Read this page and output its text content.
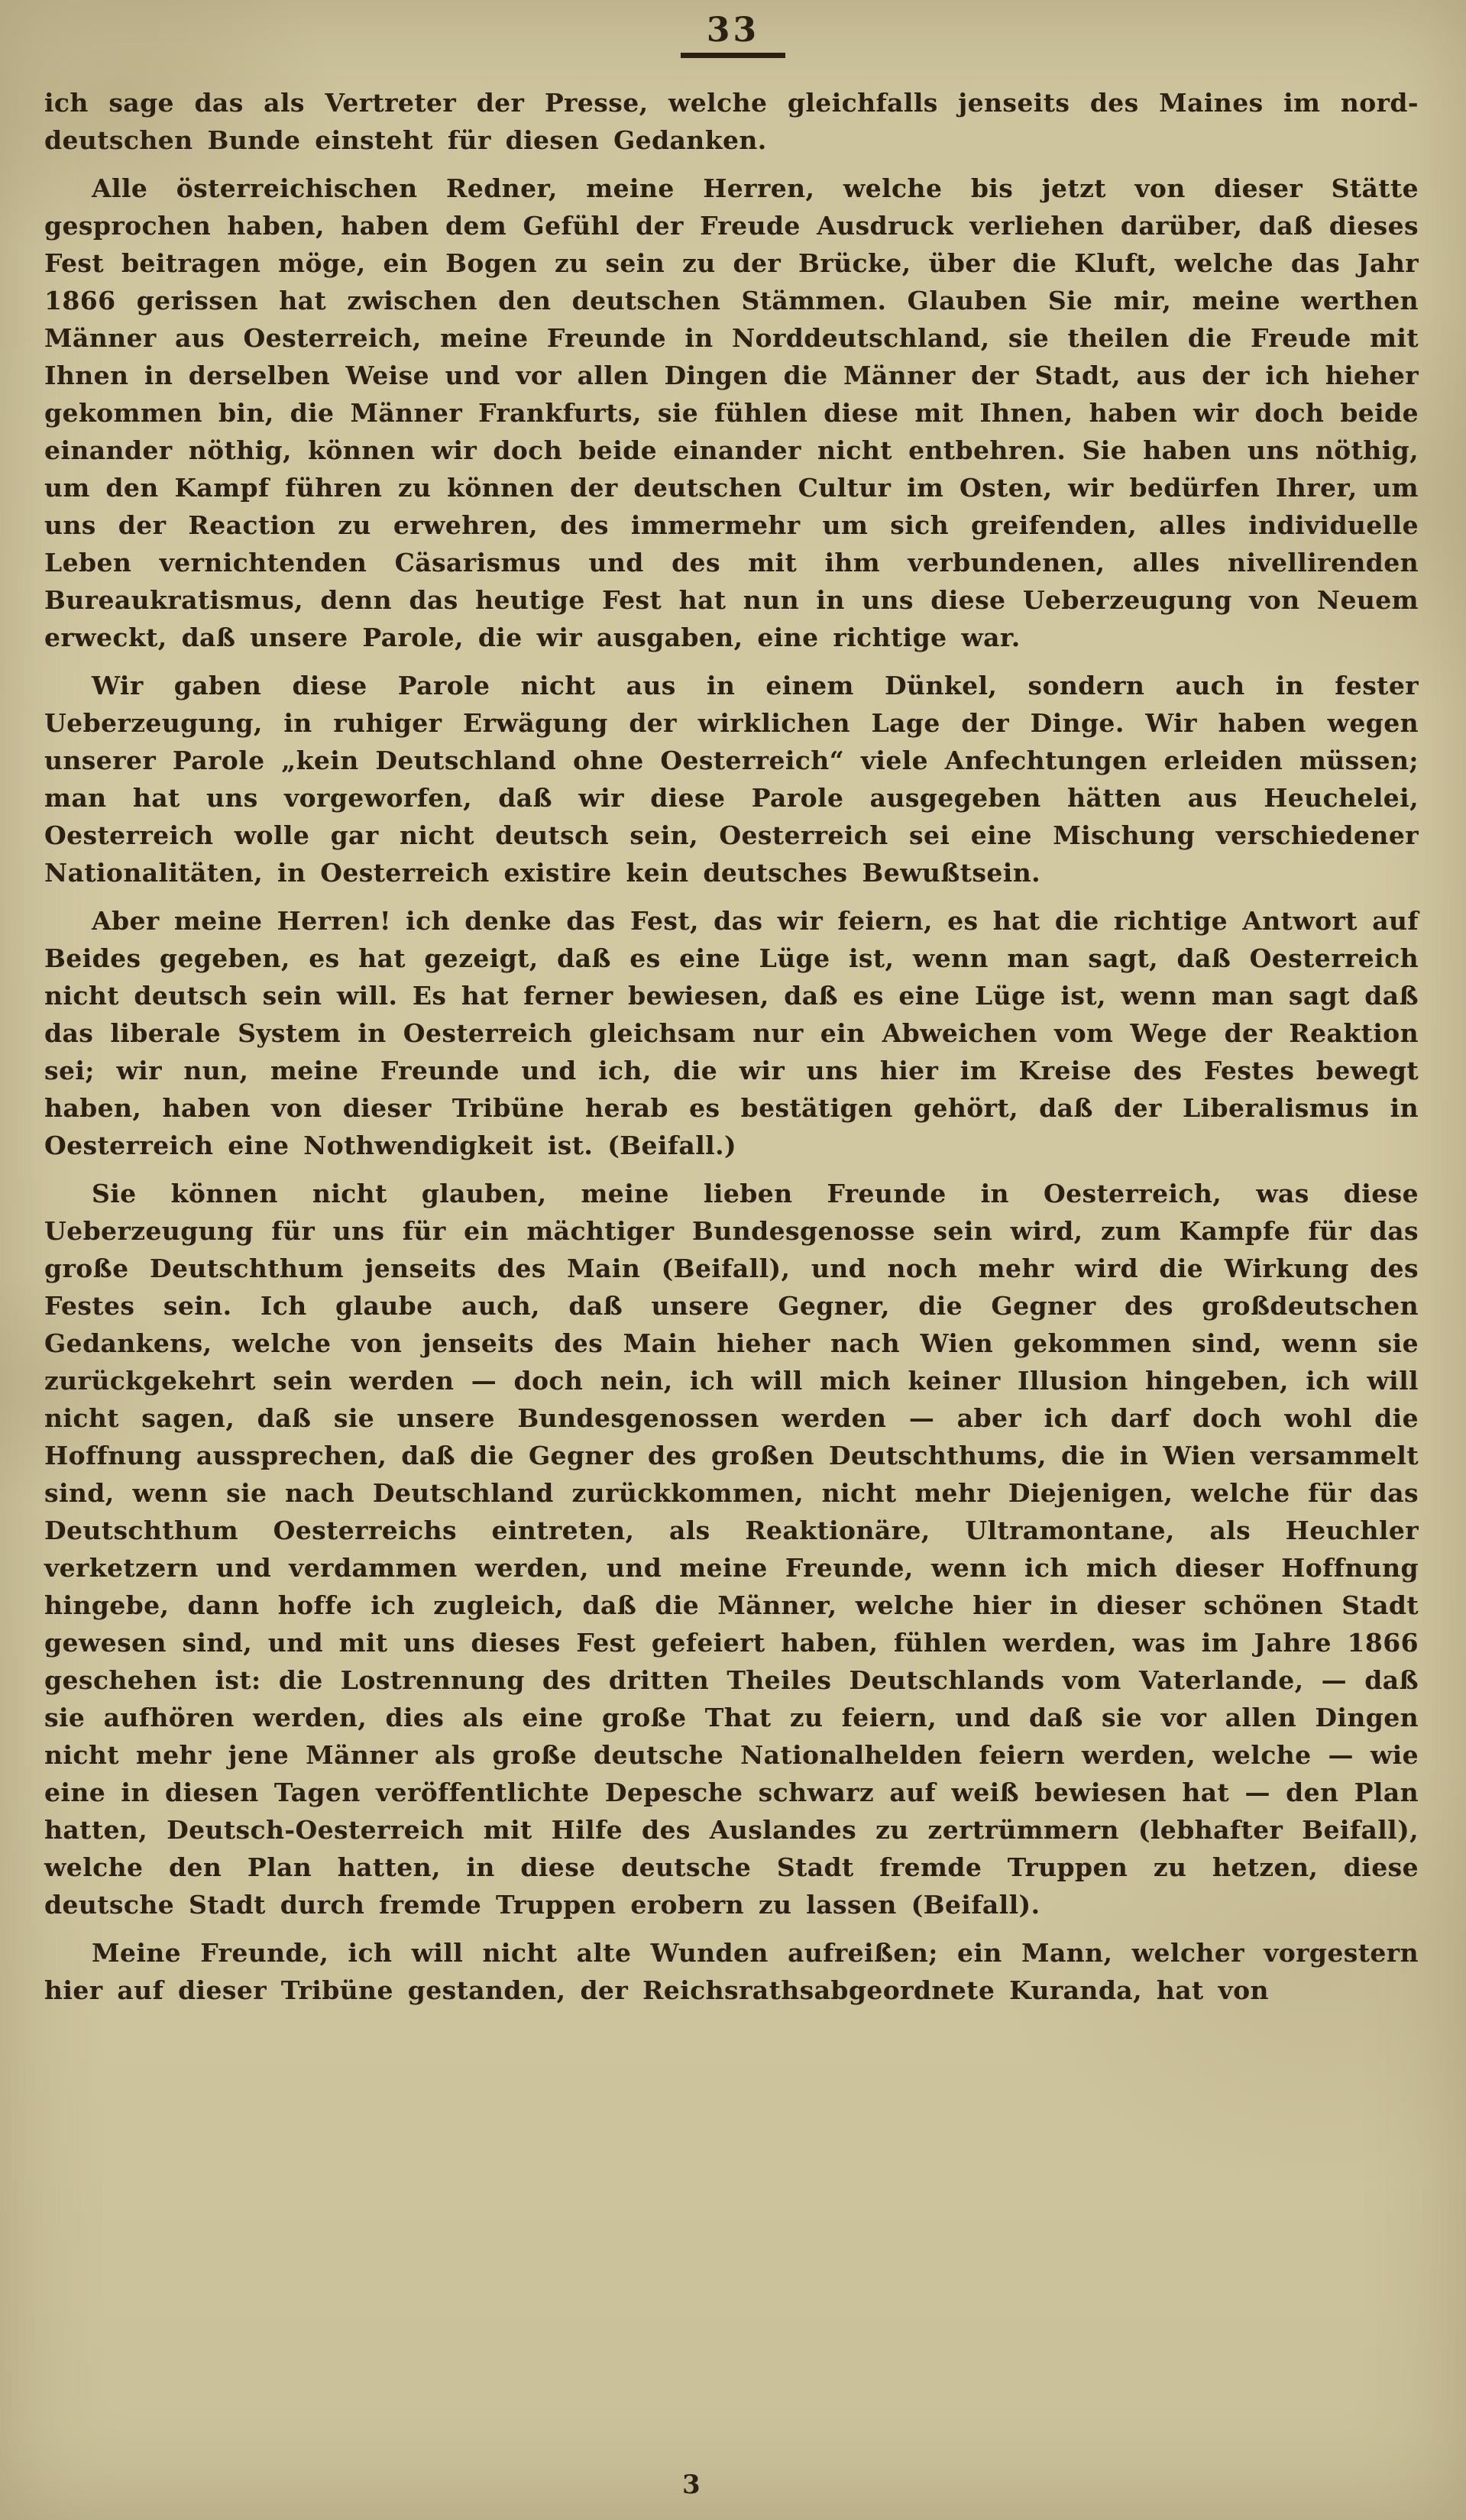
33

ich sage das als Vertreter der Presse, welche gleichfalls jenseits des Maines im nord-deutschen Bunde einsteht für diesen Gedanken.

Alle österreichischen Redner, meine Herren, welche bis jetzt von dieser Stätte gesprochen haben, haben dem Gefühl der Freude Ausdruck verliehen darüber, daß dieses Fest beitragen möge, ein Bogen zu sein zu der Brücke, über die Kluft, welche das Jahr 1866 gerissen hat zwischen den deutschen Stämmen. Glauben Sie mir, meine werthen Männer aus Oesterreich, meine Freunde in Norddeutschland, sie theilen die Freude mit Ihnen in derselben Weise und vor allen Dingen die Männer der Stadt, aus der ich hieher gekommen bin, die Männer Frankfurts, sie fühlen diese mit Ihnen, haben wir doch beide einander nöthig, können wir doch beide einander nicht entbehren. Sie haben uns nöthig, um den Kampf führen zu können der deutschen Cultur im Osten, wir bedürfen Ihrer, um uns der Reaction zu erwehren, des immermehr um sich greifenden, alles individuelle Leben vernichtenden Cäsarismus und des mit ihm verbundenen, alles nivellirenden Bureaukratismus, denn das heutige Fest hat nun in uns diese Ueberzeugung von Neuem erweckt, daß unsere Parole, die wir ausgaben, eine richtige war.

Wir gaben diese Parole nicht aus in einem Dünkel, sondern auch in fester Ueberzeugung, in ruhiger Erwägung der wirklichen Lage der Dinge. Wir haben wegen unserer Parole „kein Deutschland ohne Oesterreich“ viele Anfechtungen erleiden müssen; man hat uns vorgeworfen, daß wir diese Parole ausgegeben hätten aus Heuchelei, Oesterreich wolle gar nicht deutsch sein, Oesterreich sei eine Mischung verschiedener Nationalitäten, in Oesterreich existire kein deutsches Bewußtsein.

Aber meine Herren! ich denke das Fest, das wir feiern, es hat die richtige Antwort auf Beides gegeben, es hat gezeigt, daß es eine Lüge ist, wenn man sagt, daß Oesterreich nicht deutsch sein will. Es hat ferner bewiesen, daß es eine Lüge ist, wenn man sagt daß das liberale System in Oesterreich gleichsam nur ein Abweichen vom Wege der Reaktion sei; wir nun, meine Freunde und ich, die wir uns hier im Kreise des Festes bewegt haben, haben von dieser Tribüne herab es bestätigen gehört, daß der Liberalismus in Oesterreich eine Nothwendigkeit ist. (Beifall.)

Sie können nicht glauben, meine lieben Freunde in Oesterreich, was diese Ueberzeugung für uns für ein mächtiger Bundesgenosse sein wird, zum Kampfe für das große Deutschthum jenseits des Main (Beifall), und noch mehr wird die Wirkung des Festes sein. Ich glaube auch, daß unsere Gegner, die Gegner des großdeutschen Gedankens, welche von jenseits des Main hieher nach Wien gekommen sind, wenn sie zurückgekehrt sein werden — doch nein, ich will mich keiner Illusion hingeben, ich will nicht sagen, daß sie unsere Bundesgenossen werden — aber ich darf doch wohl die Hoffnung aussprechen, daß die Gegner des großen Deutschthums, die in Wien versammelt sind, wenn sie nach Deutschland zurückkommen, nicht mehr Diejenigen, welche für das Deutschthum Oesterreichs eintreten, als Reaktionäre, Ultramontane, als Heuchler verketzern und verdammen werden, und meine Freunde, wenn ich mich dieser Hoffnung hingebe, dann hoffe ich zugleich, daß die Männer, welche hier in dieser schönen Stadt gewesen sind, und mit uns dieses Fest gefeiert haben, fühlen werden, was im Jahre 1866 geschehen ist: die Lostrennung des dritten Theiles Deutschlands vom Vaterlande, — daß sie aufhören werden, dies als eine große That zu feiern, und daß sie vor allen Dingen nicht mehr jene Männer als große deutsche Nationalhelden feiern werden, welche — wie eine in diesen Tagen veröffentlichte Depesche schwarz auf weiß bewiesen hat — den Plan hatten, Deutsch-Oesterreich mit Hilfe des Auslandes zu zertrümmern (lebhafter Beifall), welche den Plan hatten, in diese deutsche Stadt fremde Truppen zu hetzen, diese deutsche Stadt durch fremde Truppen erobern zu lassen (Beifall).

Meine Freunde, ich will nicht alte Wunden aufreißen; ein Mann, welcher vorgestern hier auf dieser Tribüne gestanden, der Reichsrathsabgeordnete Kuranda, hat von

3
